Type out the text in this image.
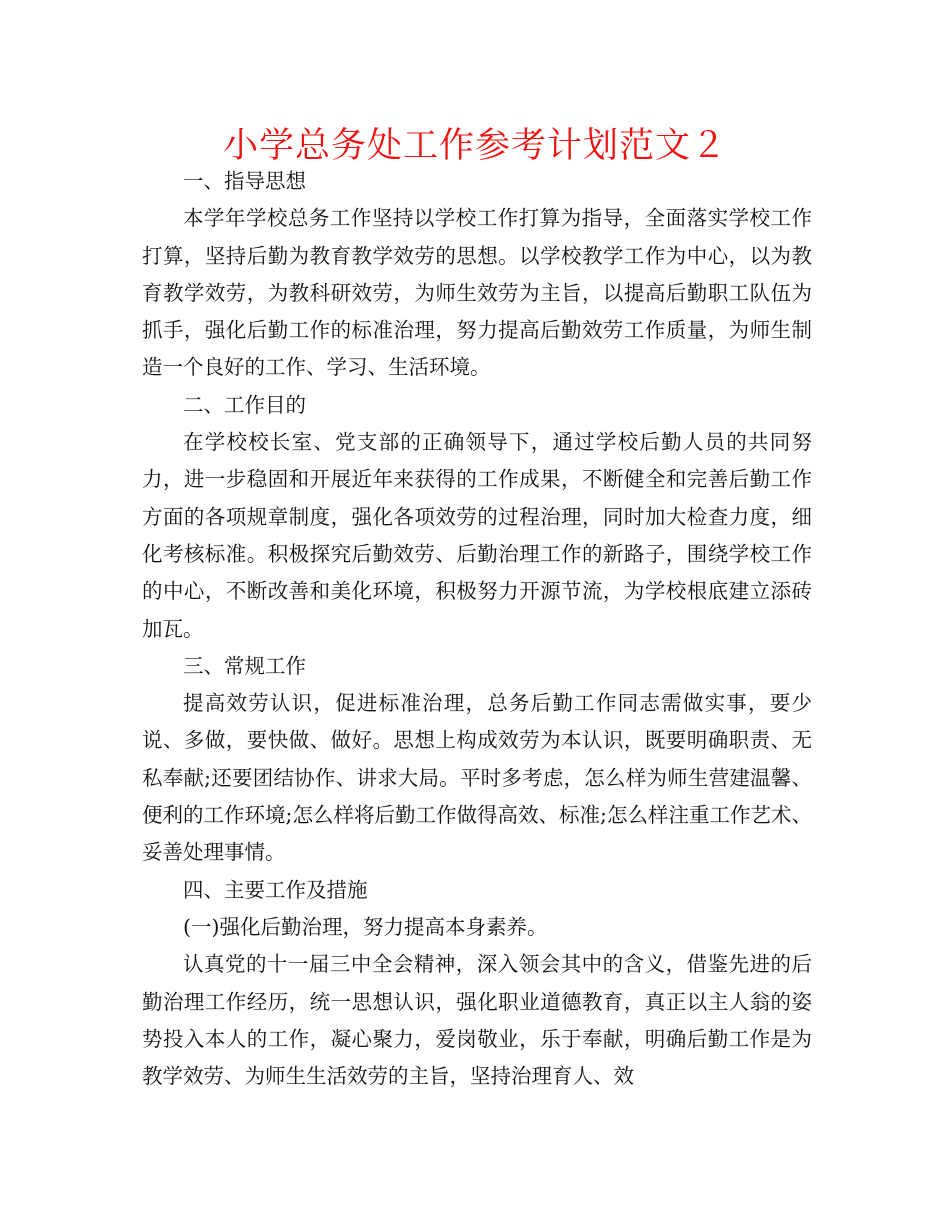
小学总务处工作参考计划范文２

一、指导思想

本学年学校总务工作坚持以学校工作打算为指导，全面落实学校工作打算，坚持后勤为教育教学效劳的思想。以学校教学工作为中心，以为教育教学效劳，为教科研效劳，为师生效劳为主旨，以提高后勤职工队伍为抓手，强化后勤工作的标准治理，努力提高后勤效劳工作质量，为师生制造一个良好的工作、学习、生活环境。

二、工作目的

在学校校长室、党支部的正确领导下，通过学校后勤人员的共同努力，进一步稳固和开展近年来获得的工作成果，不断健全和完善后勤工作方面的各项规章制度，强化各项效劳的过程治理，同时加大检查力度，细化考核标准。积极探究后勤效劳、后勤治理工作的新路子，围绕学校工作的中心，不断改善和美化环境，积极努力开源节流，为学校根底建立添砖加瓦。

三、常规工作

提高效劳认识，促进标准治理，总务后勤工作同志需做实事，要少说、多做，要快做、做好。思想上构成效劳为本认识，既要明确职责、无私奉献;还要团结协作、讲求大局。平时多考虑，怎么样为师生营建温馨、便利的工作环境;怎么样将后勤工作做得高效、标准;怎么样注重工作艺术、妥善处理事情。

四、主要工作及措施

(一)强化后勤治理，努力提高本身素养。

认真党的十一届三中全会精神，深入领会其中的含义，借鉴先进的后勤治理工作经历，统一思想认识，强化职业道德教育，真正以主人翁的姿势投入本人的工作，凝心聚力，爱岗敬业，乐于奉献，明确后勤工作是为教学效劳、为师生生活效劳的主旨，坚持治理育人、效
